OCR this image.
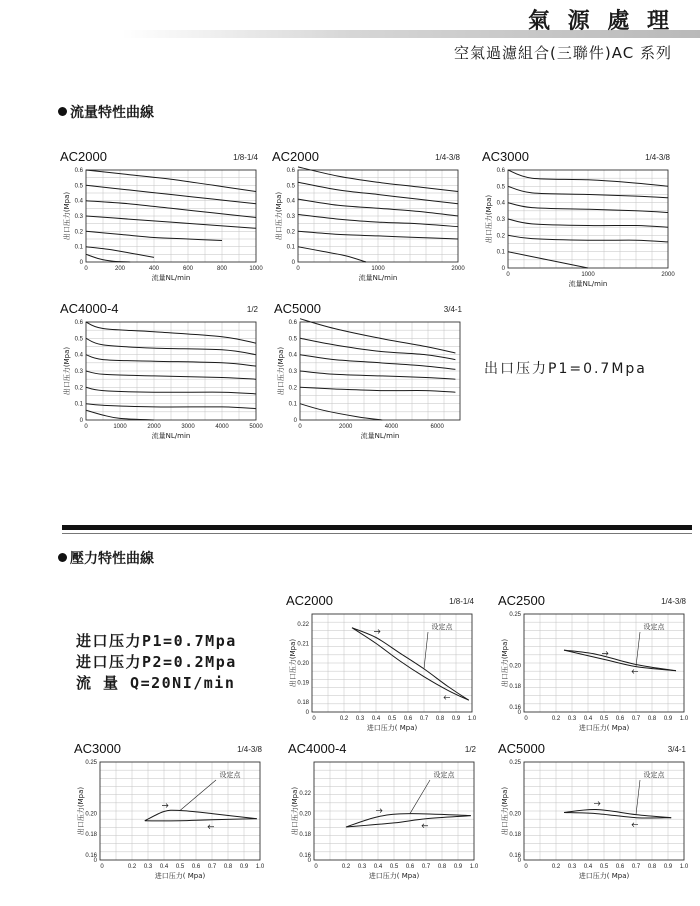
氣 源 處 理
空氣過濾組合(三聯件)AC 系列
流量特性曲線
出口压力P1=0.7Mpa
壓力特性曲線
进口压力P1=0.7Mpa
进口压力P2=0.2Mpa
流 量 Q=20NI/min
AC2000	1/8-1/4
0	200	400	600	800	1000
0
0.1
0.2
0.3
0.4
0.5
0.6
流量NL/min
出口压力(Mpa)
AC2000	1/4-3/8
0	1000	2000
0
0.1
0.2
0.3
0.4
0.5
0.6
流量NL/min
出口压力(Mpa)
AC3000	1/4-3/8
0	1000	2000
0
0.1
0.2
0.3
0.4
0.5
0.6
流量NL/min
出口压力(Mpa)
AC4000-4	1/2
0	1000	2000	3000	4000	5000
0
0.1
0.2
0.3
0.4
0.5
0.6
流量NL/min
出口压力(Mpa)
AC5000	3/4-1
0	2000	4000	6000
0
0.1
0.2
0.3
0.4
0.5
0.6
流量NL/min
出口压力(Mpa)
AC2000	1/8-1/4
0	0.2 0.3 0.4 0.5 0.6 0.7 0.8 0.9 1.0
0.22
0.21
0.20
0.19
0.18
0
进口压力( Mpa)
出口压力(Mpa)
设定点
AC2500	1/4-3/8
0	0.2 0.3 0.4 0.5 0.6 0.7 0.8 0.9 1.0
0.25
0.20
0.18
0.16
0
进口压力( Mpa)
出口压力(Mpa)
设定点
AC3000	1/4-3/8
0	0.2 0.3 0.4 0.5 0.6 0.7 0.8 0.9 1.0
0.25
0.20
0.18
0.16
0
进口压力( Mpa)
出口压力(Mpa)
设定点
AC4000-4	1/2
0	0.2 0.3 0.4 0.5 0.6 0.7 0.8 0.9 1.0
0.22
0.20
0.18
0.16
0
进口压力( Mpa)
出口压力(Mpa)
设定点
AC5000	3/4-1
0	0.2 0.3 0.4 0.5 0.6 0.7 0.8 0.9 1.0
0.25
0.20
0.18
0.16
0
进口压力( Mpa)
出口压力(Mpa)
设定点
